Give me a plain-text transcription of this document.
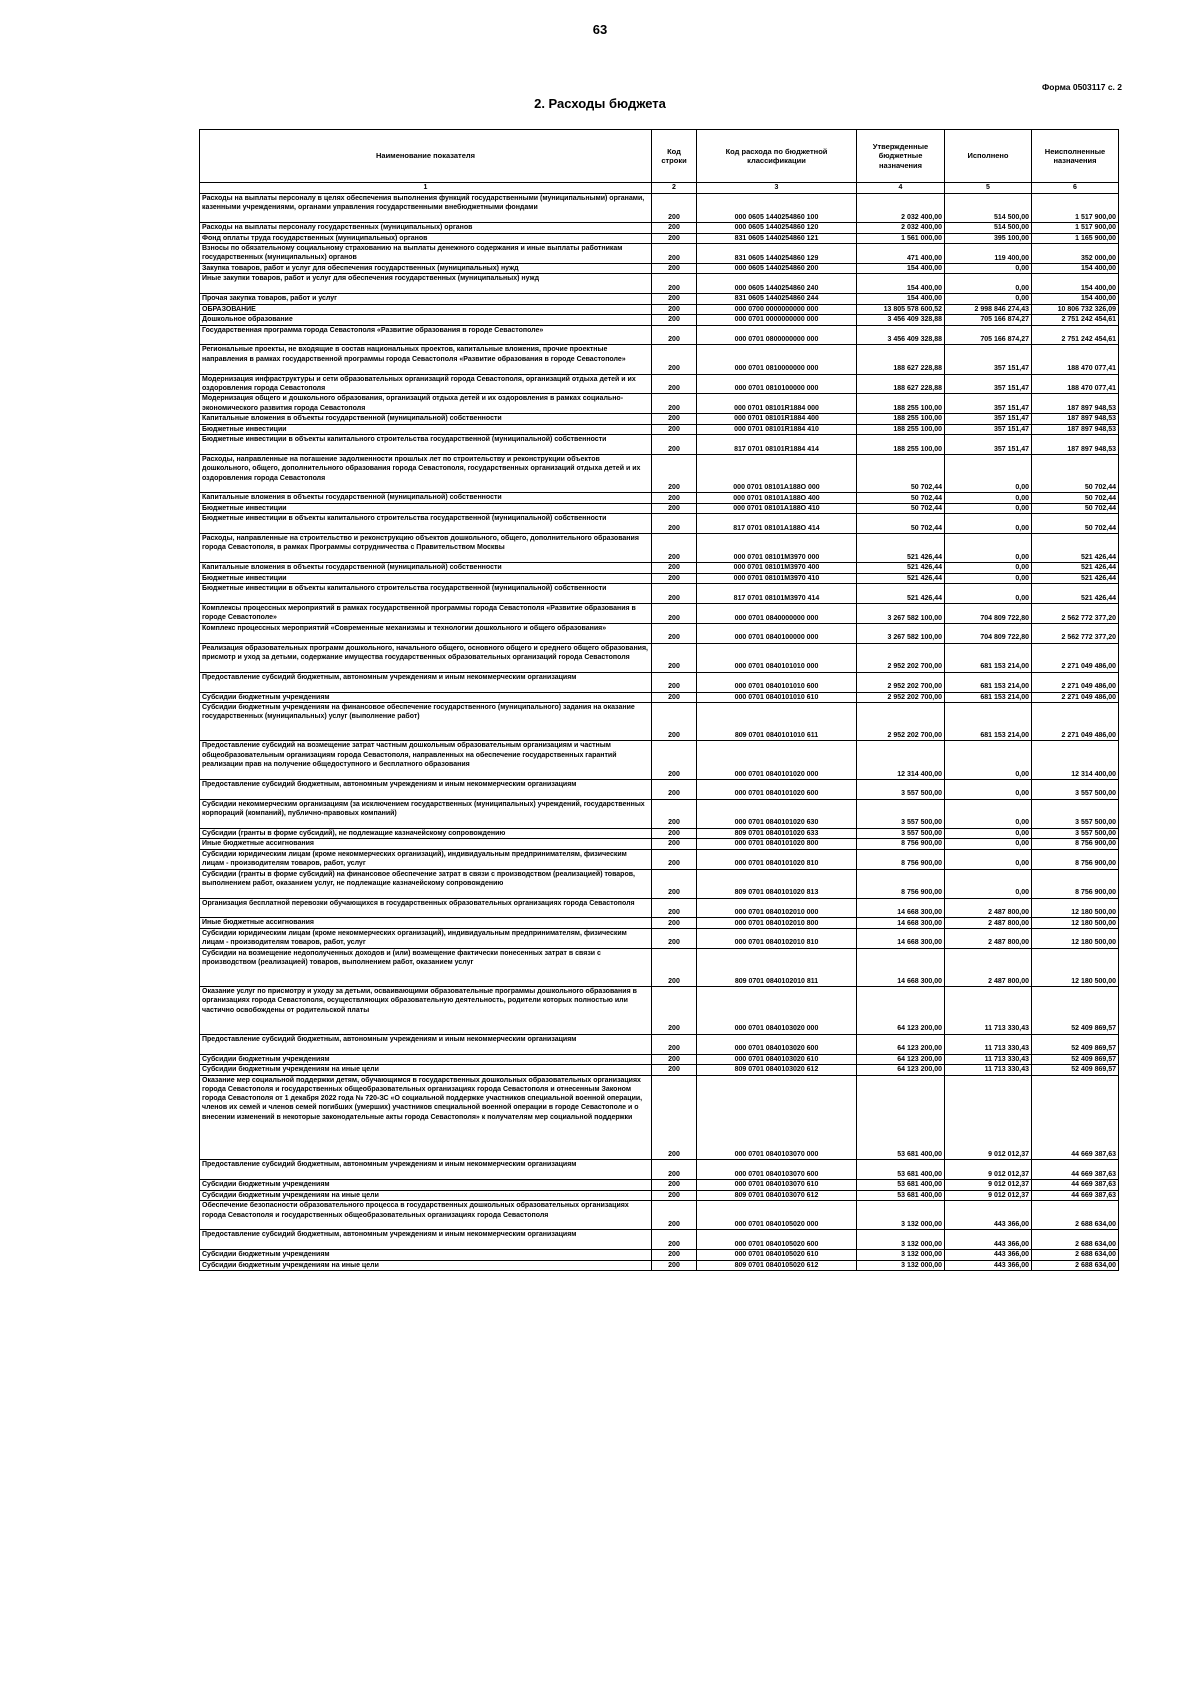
63
Форма 0503117 с. 2
2. Расходы бюджета
Наименование показателя	Код строки	Код расхода по бюджетной классификации	Утвержденные бюджетные назначения	Исполнено	Неисполненные назначения
1	2	3	4	5	6
Расходы на выплаты персоналу в целях обеспечения выполнения функций государственными (муниципальными) органами, казенными учреждениями, органами управления государственными внебюджетными фондами	200	000 0605 1440254860 100	2 032 400,00	514 500,00	1 517 900,00
Расходы на выплаты персоналу государственных (муниципальных) органов	200	000 0605 1440254860 120	2 032 400,00	514 500,00	1 517 900,00
Фонд оплаты труда государственных (муниципальных) органов	200	831 0605 1440254860 121	1 561 000,00	395 100,00	1 165 900,00
Взносы по обязательному социальному страхованию на выплаты денежного содержания и иные выплаты работникам государственных (муниципальных) органов	200	831 0605 1440254860 129	471 400,00	119 400,00	352 000,00
Закупка товаров, работ и услуг для обеспечения государственных (муниципальных) нужд	200	000 0605 1440254860 200	154 400,00	0,00	154 400,00
Иные закупки товаров, работ и услуг для обеспечения государственных (муниципальных) нужд	200	000 0605 1440254860 240	154 400,00	0,00	154 400,00
Прочая закупка товаров, работ и услуг	200	831 0605 1440254860 244	154 400,00	0,00	154 400,00
ОБРАЗОВАНИЕ	200	000 0700 0000000000 000	13 805 578 600,52	2 998 846 274,43	10 806 732 326,09
Дошкольное образование	200	000 0701 0000000000 000	3 456 409 328,88	705 166 874,27	2 751 242 454,61
Государственная программа города Севастополя «Развитие образования в городе Севастополе»	200	000 0701 0800000000 000	3 456 409 328,88	705 166 874,27	2 751 242 454,61
Региональные проекты, не входящие в состав национальных проектов, капитальные вложения, прочие проектные направления в рамках государственной программы города Севастополя «Развитие образования в городе Севастополе»	200	000 0701 0810000000 000	188 627 228,88	357 151,47	188 470 077,41
Модернизация инфраструктуры и сети образовательных организаций города Севастополя, организаций отдыха детей и их оздоровления города Севастополя	200	000 0701 0810100000 000	188 627 228,88	357 151,47	188 470 077,41
Модернизация общего и дошкольного образования, организаций отдыха детей и их оздоровления в рамках социально-экономического развития города Севастополя	200	000 0701 08101R1884 000	188 255 100,00	357 151,47	187 897 948,53
Капитальные вложения в объекты государственной (муниципальной) собственности	200	000 0701 08101R1884 400	188 255 100,00	357 151,47	187 897 948,53
Бюджетные инвестиции	200	000 0701 08101R1884 410	188 255 100,00	357 151,47	187 897 948,53
Бюджетные инвестиции в объекты капитального строительства государственной (муниципальной) собственности	200	817 0701 08101R1884 414	188 255 100,00	357 151,47	187 897 948,53
Расходы, направленные на погашение задолженности прошлых лет по строительству и реконструкции объектов дошкольного, общего, дополнительного образования города Севастополя, государственных организаций отдыха детей и их оздоровления города Севастополя	200	000 0701 08101A188O 000	50 702,44	0,00	50 702,44
Капитальные вложения в объекты государственной (муниципальной) собственности	200	000 0701 08101A188O 400	50 702,44	0,00	50 702,44
Бюджетные инвестиции	200	000 0701 08101A188O 410	50 702,44	0,00	50 702,44
Бюджетные инвестиции в объекты капитального строительства государственной (муниципальной) собственности	200	817 0701 08101A188O 414	50 702,44	0,00	50 702,44
Расходы, направленные на строительство и реконструкцию объектов дошкольного, общего, дополнительного образования города Севастополя, в рамках Программы сотрудничества с Правительством Москвы	200	000 0701 08101M3970 000	521 426,44	0,00	521 426,44
Капитальные вложения в объекты государственной (муниципальной) собственности	200	000 0701 08101M3970 400	521 426,44	0,00	521 426,44
Бюджетные инвестиции	200	000 0701 08101M3970 410	521 426,44	0,00	521 426,44
Бюджетные инвестиции в объекты капитального строительства государственной (муниципальной) собственности	200	817 0701 08101M3970 414	521 426,44	0,00	521 426,44
Комплексы процессных мероприятий в рамках государственной программы города Севастополя «Развитие образования в городе Севастополе»	200	000 0701 0840000000 000	3 267 582 100,00	704 809 722,80	2 562 772 377,20
Комплекс процессных мероприятий «Современные механизмы и технологии дошкольного и общего образования»	200	000 0701 0840100000 000	3 267 582 100,00	704 809 722,80	2 562 772 377,20
Реализация образовательных программ дошкольного, начального общего, основного общего и среднего общего образования, присмотр и уход за детьми, содержание имущества государственных образовательных организаций города Севастополя	200	000 0701 0840101010 000	2 952 202 700,00	681 153 214,00	2 271 049 486,00
Предоставление субсидий бюджетным, автономным учреждениям и иным некоммерческим организациям	200	000 0701 0840101010 600	2 952 202 700,00	681 153 214,00	2 271 049 486,00
Субсидии бюджетным учреждениям	200	000 0701 0840101010 610	2 952 202 700,00	681 153 214,00	2 271 049 486,00
Субсидии бюджетным учреждениям на финансовое обеспечение государственного (муниципального) задания на оказание государственных (муниципальных) услуг (выполнение работ)	200	809 0701 0840101010 611	2 952 202 700,00	681 153 214,00	2 271 049 486,00
Предоставление субсидий на возмещение затрат частным дошкольным образовательным организациям и частным общеобразовательным организациям города Севастополя, направленных на обеспечение государственных гарантий реализации прав на получение общедоступного и бесплатного образования	200	000 0701 0840101020 000	12 314 400,00	0,00	12 314 400,00
Предоставление субсидий бюджетным, автономным учреждениям и иным некоммерческим организациям	200	000 0701 0840101020 600	3 557 500,00	0,00	3 557 500,00
Субсидии некоммерческим организациям (за исключением государственных (муниципальных) учреждений, государственных корпораций (компаний), публично-правовых компаний)	200	000 0701 0840101020 630	3 557 500,00	0,00	3 557 500,00
Субсидии (гранты в форме субсидий), не подлежащие казначейскому сопровождению	200	809 0701 0840101020 633	3 557 500,00	0,00	3 557 500,00
Иные бюджетные ассигнования	200	000 0701 0840101020 800	8 756 900,00	0,00	8 756 900,00
Субсидии юридическим лицам (кроме некоммерческих организаций), индивидуальным предпринимателям, физическим лицам - производителям товаров, работ, услуг	200	000 0701 0840101020 810	8 756 900,00	0,00	8 756 900,00
Субсидии (гранты в форме субсидий) на финансовое обеспечение затрат в связи с производством (реализацией) товаров, выполнением работ, оказанием услуг, не подлежащие казначейскому сопровождению	200	809 0701 0840101020 813	8 756 900,00	0,00	8 756 900,00
Организация бесплатной перевозки обучающихся в государственных образовательных организациях города Севастополя	200	000 0701 0840102010 000	14 668 300,00	2 487 800,00	12 180 500,00
Иные бюджетные ассигнования	200	000 0701 0840102010 800	14 668 300,00	2 487 800,00	12 180 500,00
Субсидии юридическим лицам (кроме некоммерческих организаций), индивидуальным предпринимателям, физическим лицам - производителям товаров, работ, услуг	200	000 0701 0840102010 810	14 668 300,00	2 487 800,00	12 180 500,00
Субсидии на возмещение недополученных доходов и (или) возмещение фактически понесенных затрат в связи с производством (реализацией) товаров, выполнением работ, оказанием услуг	200	809 0701 0840102010 811	14 668 300,00	2 487 800,00	12 180 500,00
Оказание услуг по присмотру и уходу за детьми, осваивающими образовательные программы дошкольного образования в организациях города Севастополя, осуществляющих образовательную деятельность, родители которых полностью или частично освобождены от родительской платы	200	000 0701 0840103020 000	64 123 200,00	11 713 330,43	52 409 869,57
Предоставление субсидий бюджетным, автономным учреждениям и иным некоммерческим организациям	200	000 0701 0840103020 600	64 123 200,00	11 713 330,43	52 409 869,57
Субсидии бюджетным учреждениям	200	000 0701 0840103020 610	64 123 200,00	11 713 330,43	52 409 869,57
Субсидии бюджетным учреждениям на иные цели	200	809 0701 0840103020 612	64 123 200,00	11 713 330,43	52 409 869,57
Оказание мер социальной поддержки детям, обучающимся в государственных дошкольных образовательных организациях города Севастополя и государственных общеобразовательных организациях города Севастополя и отнесенным Законом города Севастополя от 1 декабря 2022 года № 720-ЗС «О социальной поддержке участников специальной военной операции, членов их семей и членов семей погибших (умерших) участников специальной военной операции в городе Севастополе и о внесении изменений в некоторые законодательные акты города Севастополя» к получателям мер социальной поддержки	200	000 0701 0840103070 000	53 681 400,00	9 012 012,37	44 669 387,63
Предоставление субсидий бюджетным, автономным учреждениям и иным некоммерческим организациям	200	000 0701 0840103070 600	53 681 400,00	9 012 012,37	44 669 387,63
Субсидии бюджетным учреждениям	200	000 0701 0840103070 610	53 681 400,00	9 012 012,37	44 669 387,63
Субсидии бюджетным учреждениям на иные цели	200	809 0701 0840103070 612	53 681 400,00	9 012 012,37	44 669 387,63
Обеспечение безопасности образовательного процесса в государственных дошкольных образовательных организациях города Севастополя и государственных общеобразовательных организациях города Севастополя	200	000 0701 0840105020 000	3 132 000,00	443 366,00	2 688 634,00
Предоставление субсидий бюджетным, автономным учреждениям и иным некоммерческим организациям	200	000 0701 0840105020 600	3 132 000,00	443 366,00	2 688 634,00
Субсидии бюджетным учреждениям	200	000 0701 0840105020 610	3 132 000,00	443 366,00	2 688 634,00
Субсидии бюджетным учреждениям на иные цели	200	809 0701 0840105020 612	3 132 000,00	443 366,00	2 688 634,00
